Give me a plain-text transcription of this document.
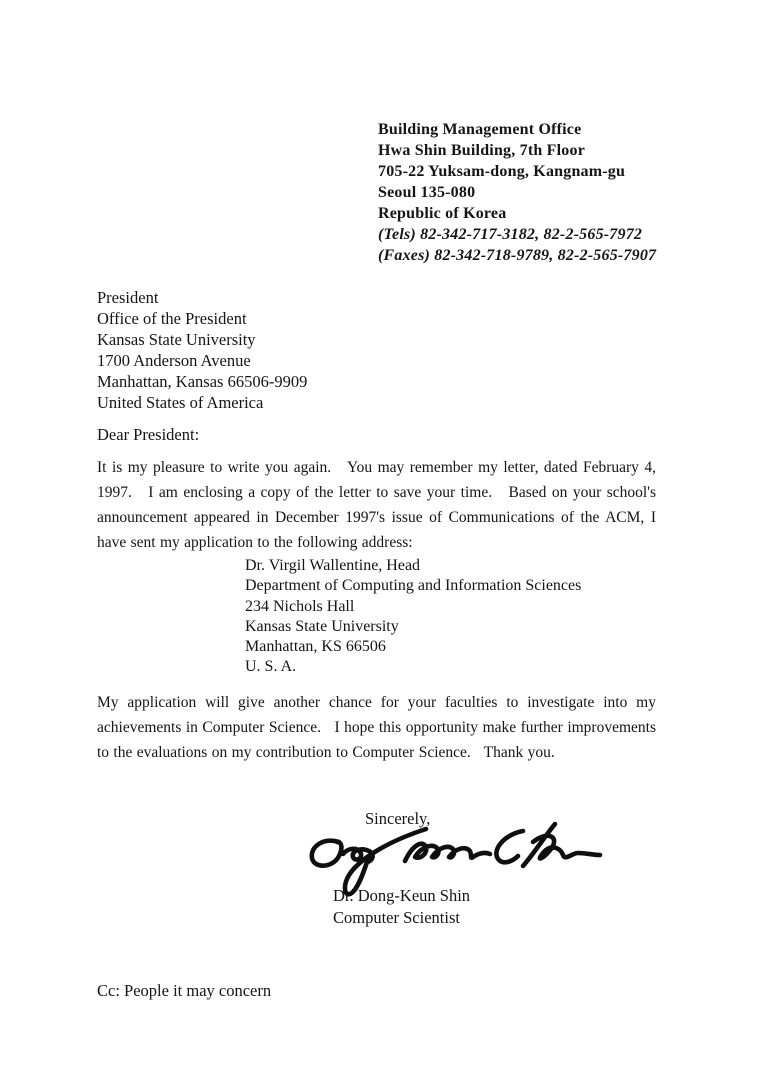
Building Management Office
Hwa Shin Building, 7th Floor
705-22 Yuksam-dong, Kangnam-gu
Seoul 135-080
Republic of Korea
(Tels) 82-342-717-3182, 82-2-565-7972
(Faxes) 82-342-718-9789, 82-2-565-7907
President
Office of the President
Kansas State University
1700 Anderson Avenue
Manhattan, Kansas 66506-9909
United States of America
Dear President:
It is my pleasure to write you again.   You may remember my letter, dated February 4, 1997.   I am enclosing a copy of the letter to save your time.   Based on your school's announcement appeared in December 1997's issue of Communications of the ACM, I have sent my application to the following address:
Dr. Virgil Wallentine, Head
Department of Computing and Information Sciences
234 Nichols Hall
Kansas State University
Manhattan, KS 66506
U. S. A.
My application will give another chance for your faculties to investigate into my achievements in Computer Science.   I hope this opportunity make further improvements to the evaluations on my contribution to Computer Science.   Thank you.
Sincerely,
Dr. Dong-Keun Shin
Computer Scientist
Cc: People it may concern
